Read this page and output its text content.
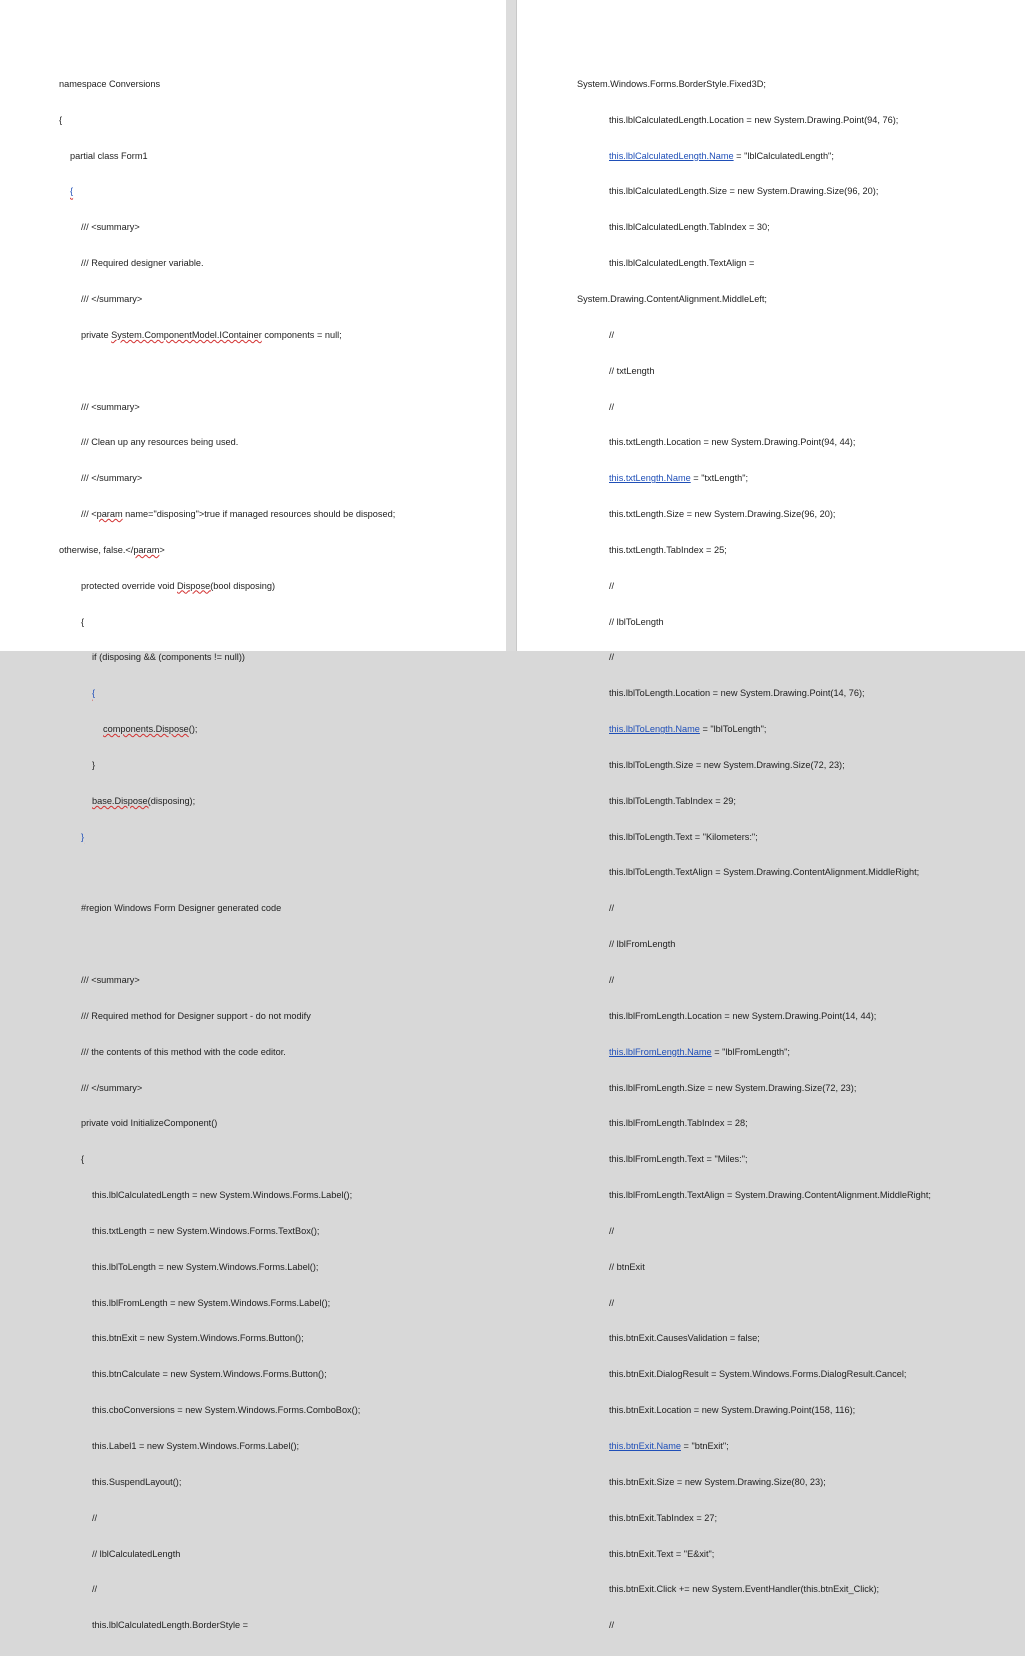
namespace Conversions

{

partial class Form1

{

/// <summary>

/// Required designer variable.

/// </summary>

private System.ComponentModel.IContainer components = null;

/// <summary>

/// Clean up any resources being used.

/// </summary>

/// <param name="disposing">true if managed resources should be disposed;

otherwise, false.</param>

protected override void Dispose(bool disposing)

{

if (disposing && (components != null))

{

components.Dispose();

}

base.Dispose(disposing);

}

#region Windows Form Designer generated code

/// <summary>

/// Required method for Designer support - do not modify

/// the contents of this method with the code editor.

/// </summary>

private void InitializeComponent()

{

this.lblCalculatedLength = new System.Windows.Forms.Label();

this.txtLength = new System.Windows.Forms.TextBox();

this.lblToLength = new System.Windows.Forms.Label();

this.lblFromLength = new System.Windows.Forms.Label();

this.btnExit = new System.Windows.Forms.Button();

this.btnCalculate = new System.Windows.Forms.Button();

this.cboConversions = new System.Windows.Forms.ComboBox();

this.Label1 = new System.Windows.Forms.Label();

this.SuspendLayout();

//

// lblCalculatedLength

//

this.lblCalculatedLength.BorderStyle =

System.Windows.Forms.BorderStyle.Fixed3D;

this.lblCalculatedLength.Location = new System.Drawing.Point(94, 76);

this.lblCalculatedLength.Name = "lblCalculatedLength";

this.lblCalculatedLength.Size = new System.Drawing.Size(96, 20);

this.lblCalculatedLength.TabIndex = 30;

this.lblCalculatedLength.TextAlign =

System.Drawing.ContentAlignment.MiddleLeft;

//

// txtLength

//

this.txtLength.Location = new System.Drawing.Point(94, 44);

this.txtLength.Name = "txtLength";

this.txtLength.Size = new System.Drawing.Size(96, 20);

this.txtLength.TabIndex = 25;

//

// lblToLength

//

this.lblToLength.Location = new System.Drawing.Point(14, 76);

this.lblToLength.Name = "lblToLength";

this.lblToLength.Size = new System.Drawing.Size(72, 23);

this.lblToLength.TabIndex = 29;

this.lblToLength.Text = "Kilometers:";

this.lblToLength.TextAlign = System.Drawing.ContentAlignment.MiddleRight;

//

// lblFromLength

//

this.lblFromLength.Location = new System.Drawing.Point(14, 44);

this.lblFromLength.Name = "lblFromLength";

this.lblFromLength.Size = new System.Drawing.Size(72, 23);

this.lblFromLength.TabIndex = 28;

this.lblFromLength.Text = "Miles:";

this.lblFromLength.TextAlign = System.Drawing.ContentAlignment.MiddleRight;

//

// btnExit

//

this.btnExit.CausesValidation = false;

this.btnExit.DialogResult = System.Windows.Forms.DialogResult.Cancel;

this.btnExit.Location = new System.Drawing.Point(158, 116);

this.btnExit.Name = "btnExit";

this.btnExit.Size = new System.Drawing.Size(80, 23);

this.btnExit.TabIndex = 27;

this.btnExit.Text = "E&xit";

this.btnExit.Click += new System.EventHandler(this.btnExit_Click);

//
